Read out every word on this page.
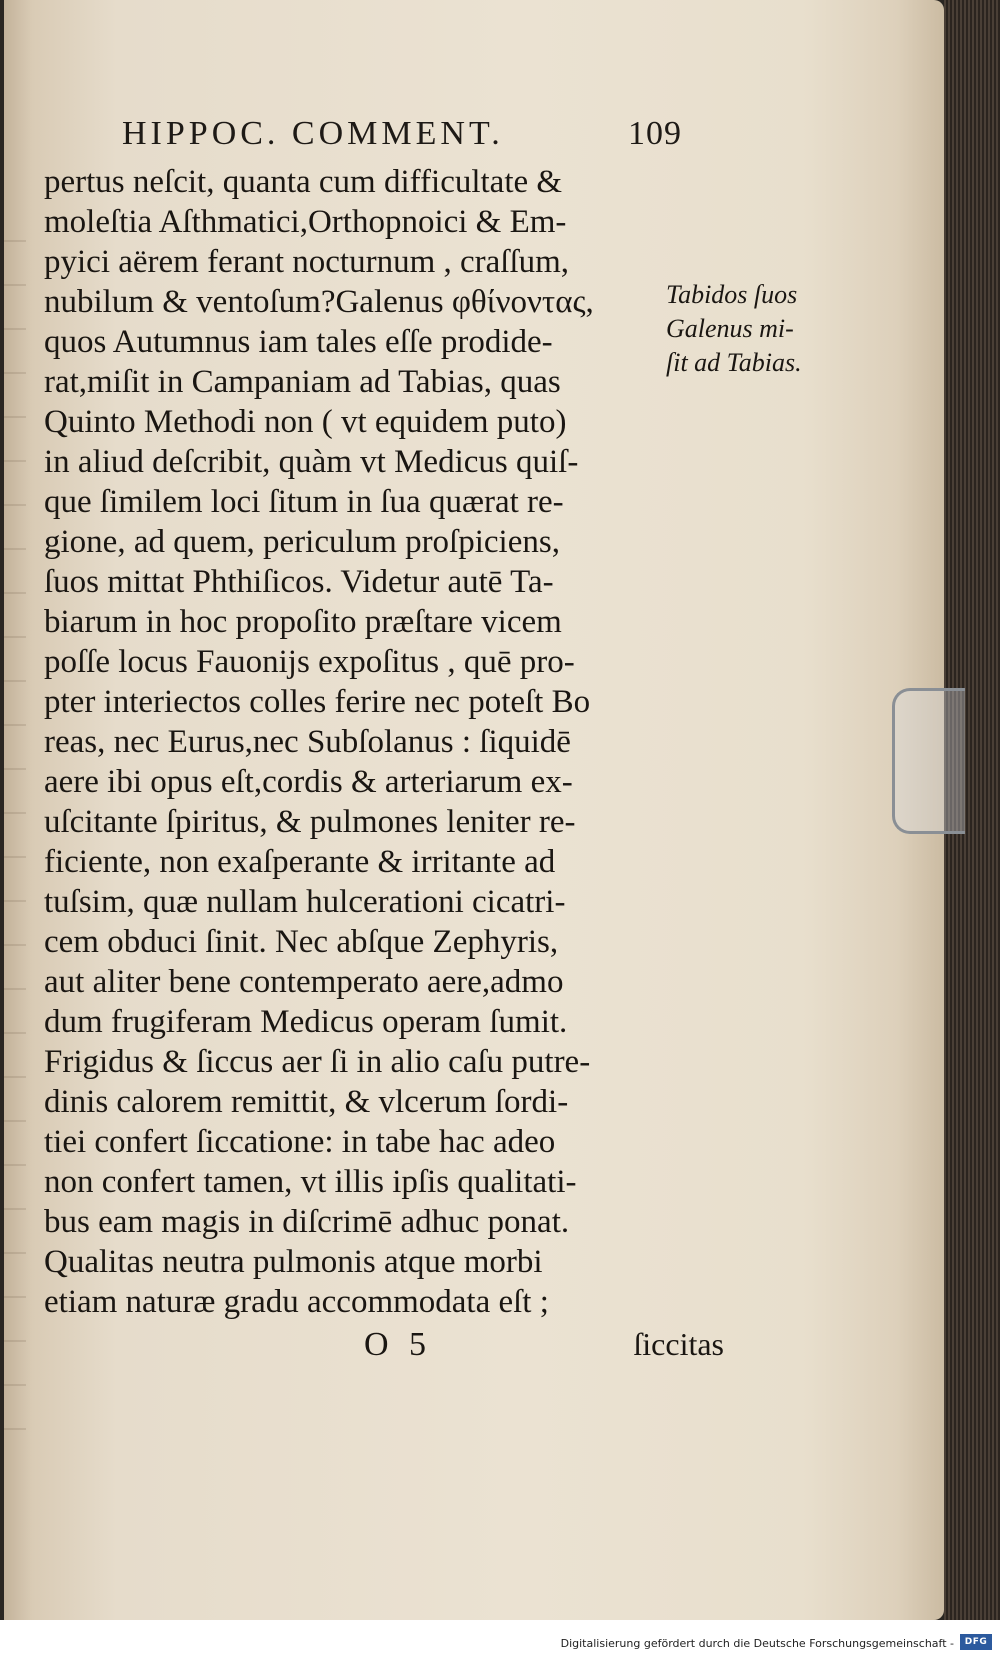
HIPPOC. COMMENT.	109
pertus neſcit, quanta cum difficultate &
moleſtia Aſthmatici,Orthopnoici & Em-
pyici aërem ferant nocturnum , craſſum,
nubilum & ventoſum?Galenus φθίνοντας,
quos Autumnus iam tales eſſe prodide-
rat,miſit in Campaniam ad Tabias, quas
Quinto Methodi non ( vt equidem puto)
in aliud deſcribit, quàm vt Medicus quiſ-
que ſimilem loci ſitum in ſua quærat re-
gione, ad quem, periculum proſpiciens,
ſuos mittat Phthiſicos. Videtur autē Ta-
biarum in hoc propoſito præſtare vicem
poſſe locus Fauonijs expoſitus , quē pro-
pter interiectos colles ferire nec poteſt Bo
reas, nec Eurus,nec Subſolanus : ſiquidē
aere ibi opus eſt,cordis & arteriarum ex-
uſcitante ſpiritus, & pulmones leniter re-
ficiente, non exaſperante & irritante ad
tuſsim, quæ nullam hulcerationi cicatri-
cem obduci ſinit. Nec abſque Zephyris,
aut aliter bene contemperato aere,admo
dum frugiferam Medicus operam ſumit.
Frigidus & ſiccus aer ſi in alio caſu putre-
dinis calorem remittit, & vlcerum ſordi-
tiei confert ſiccatione: in tabe hac adeo
non confert tamen, vt illis ipſis qualitati-
bus eam magis in diſcrimē adhuc ponat.
Qualitas neutra pulmonis atque morbi
etiam naturæ gradu accommodata eſt ;
Tabidos ſuos
Galenus mi-
ſit ad Tabias.
O 5	ſiccitas
Digitalisierung gefördert durch die Deutsche Forschungsgemeinschaft -	DFG
